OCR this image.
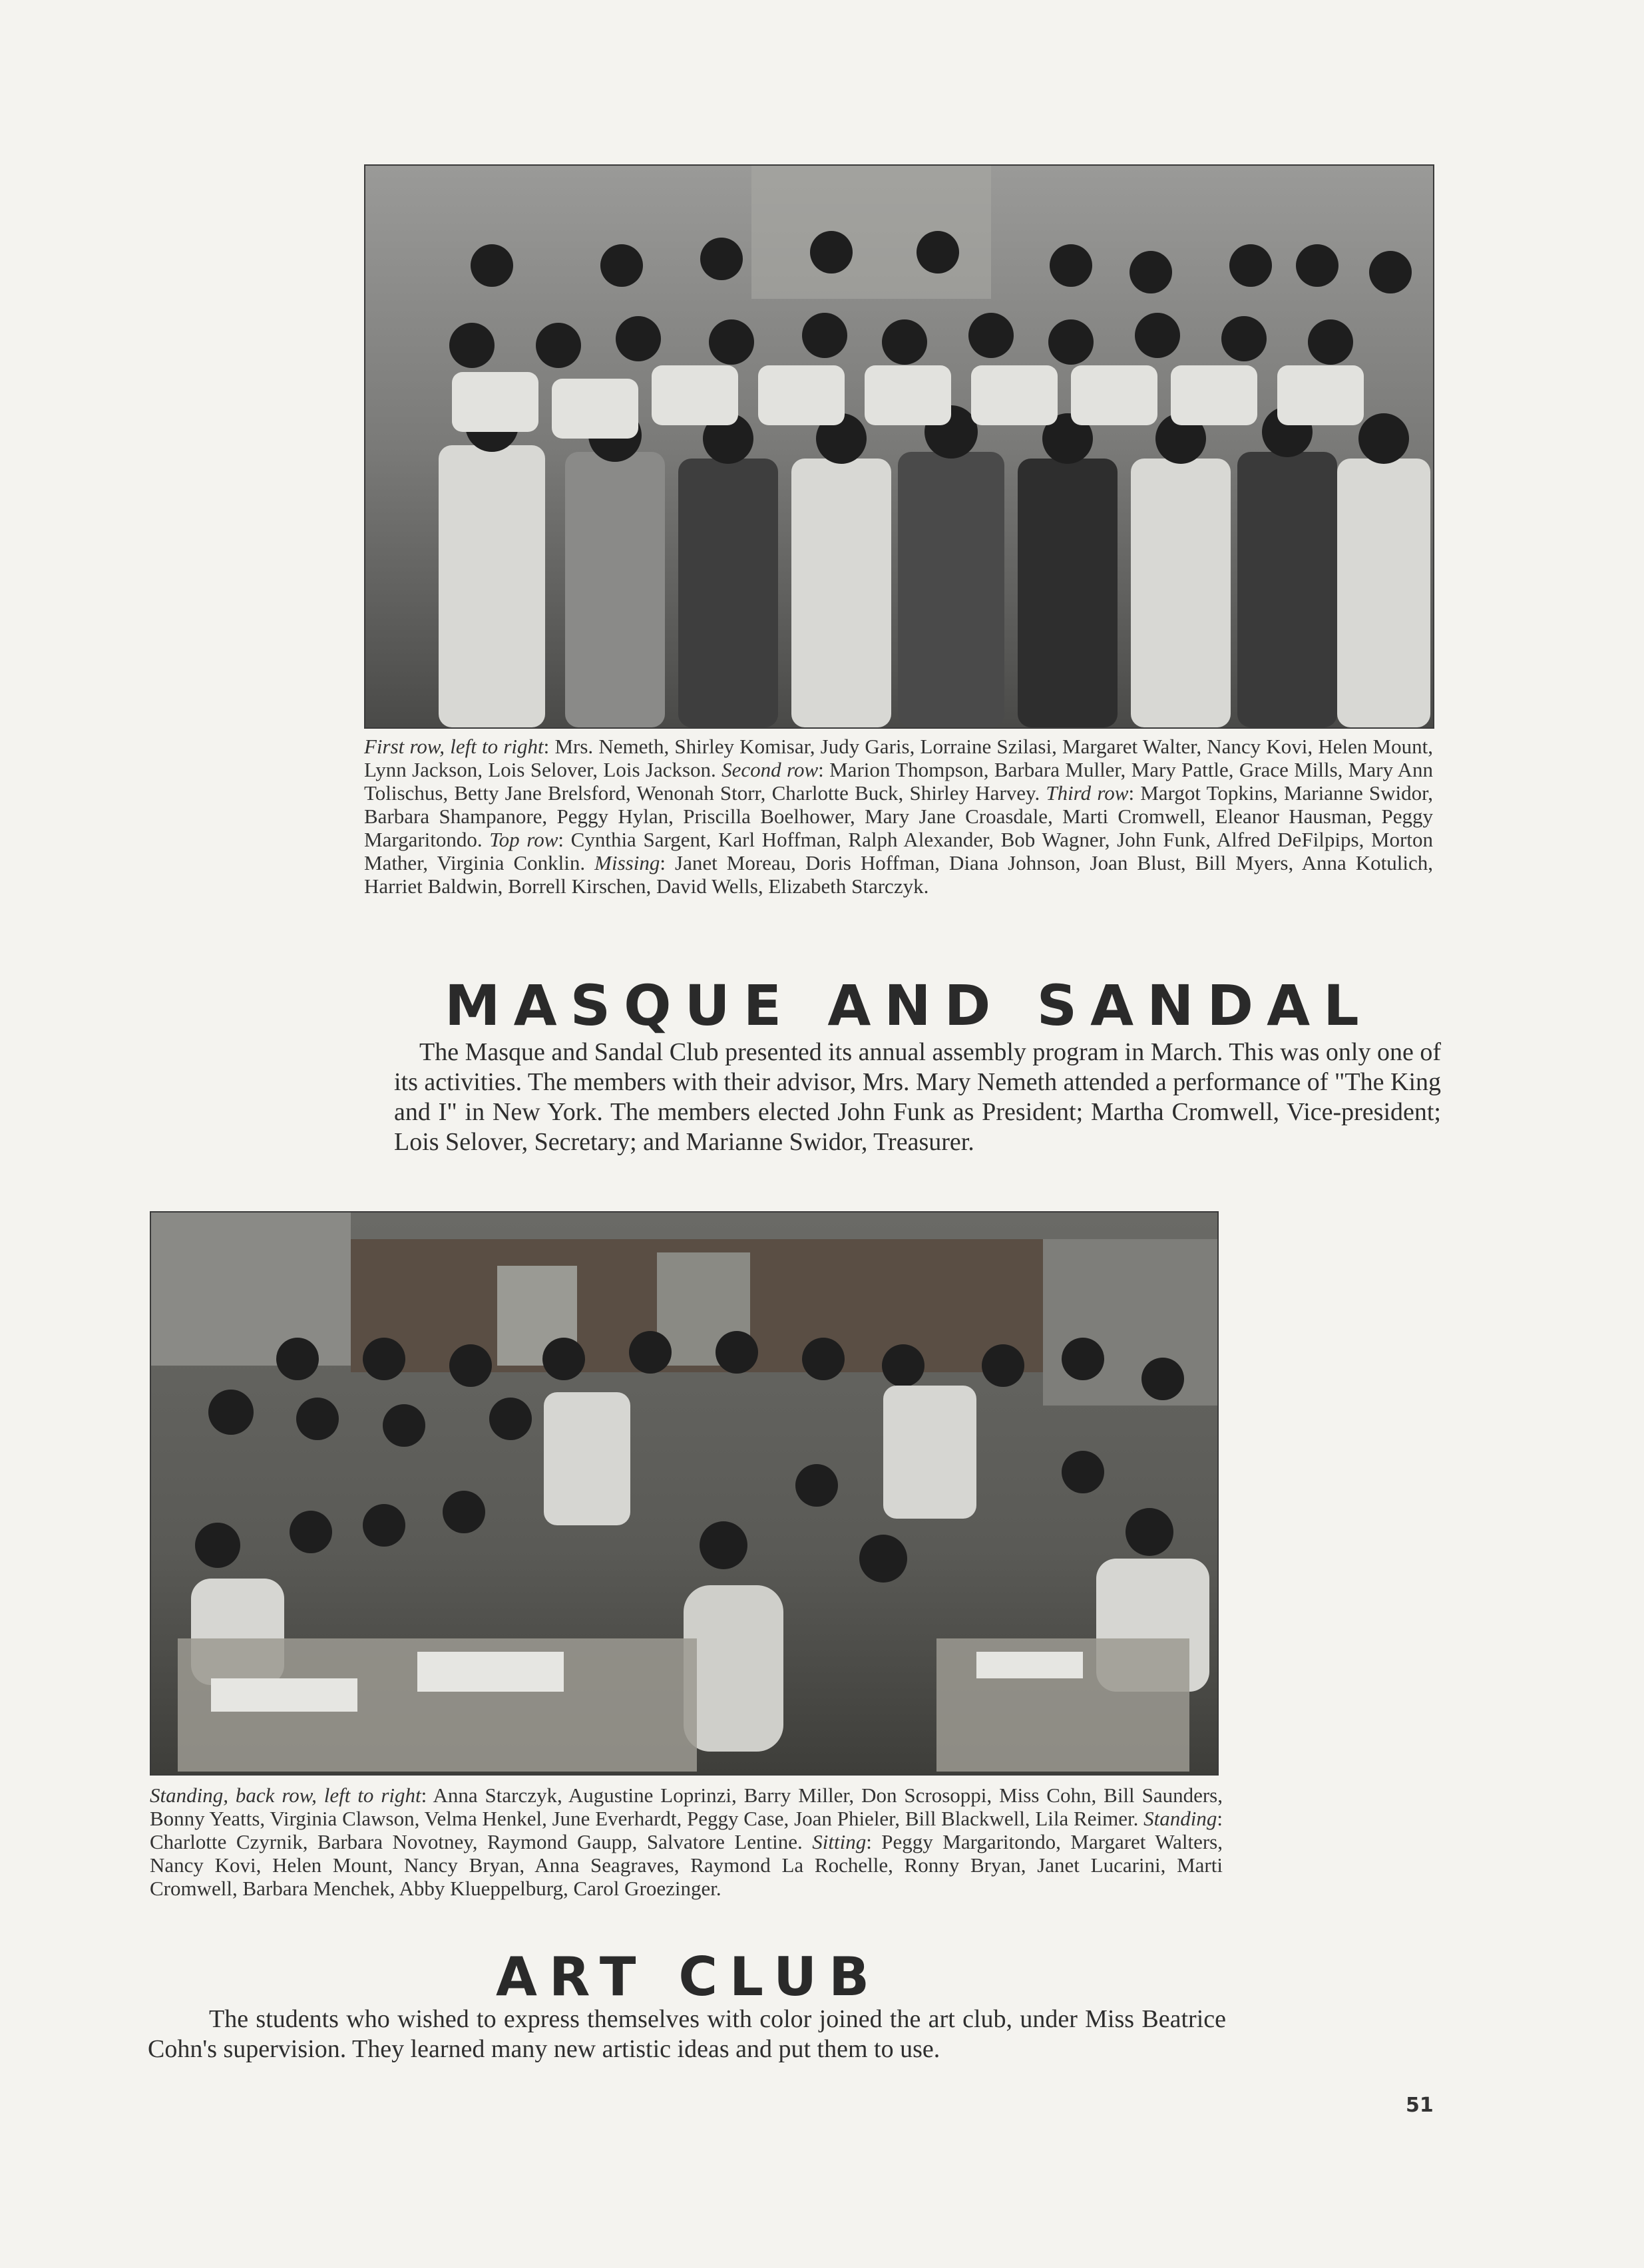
First row, left to right: Mrs. Nemeth, Shirley Komisar, Judy Garis, Lorraine Szilasi, Margaret Walter, Nancy Kovi, Helen Mount, Lynn Jackson, Lois Selover, Lois Jackson. Second row: Marion Thompson, Barbara Muller, Mary Pattle, Grace Mills, Mary Ann Tolischus, Betty Jane Brelsford, Wenonah Storr, Charlotte Buck, Shirley Harvey. Third row: Margot Topkins, Marianne Swidor, Barbara Shampanore, Peggy Hylan, Priscilla Boelhower, Mary Jane Croasdale, Marti Cromwell, Eleanor Hausman, Peggy Margaritondo. Top row: Cynthia Sargent, Karl Hoffman, Ralph Alexander, Bob Wagner, John Funk, Alfred DeFilpips, Morton Mather, Virginia Conklin. Missing: Janet Moreau, Doris Hoffman, Diana Johnson, Joan Blust, Bill Myers, Anna Kotulich, Harriet Baldwin, Borrell Kirschen, David Wells, Elizabeth Starczyk.
MASQUE AND SANDAL
The Masque and Sandal Club presented its annual assembly program in March. This was only one of its activities. The members with their advisor, Mrs. Mary Nemeth attended a performance of "The King and I" in New York. The members elected John Funk as President; Martha Cromwell, Vice-president; Lois Selover, Secretary; and Marianne Swidor, Treasurer.
Standing, back row, left to right: Anna Starczyk, Augustine Loprinzi, Barry Miller, Don Scrosoppi, Miss Cohn, Bill Saunders, Bonny Yeatts, Virginia Clawson, Velma Henkel, June Everhardt, Peggy Case, Joan Phieler, Bill Blackwell, Lila Reimer. Standing: Charlotte Czyrnik, Barbara Novotney, Raymond Gaupp, Salvatore Lentine. Sitting: Peggy Margaritondo, Margaret Walters, Nancy Kovi, Helen Mount, Nancy Bryan, Anna Seagraves, Raymond La Rochelle, Ronny Bryan, Janet Lucarini, Marti Cromwell, Barbara Menchek, Abby Klueppelburg, Carol Groezinger.
ART CLUB
The students who wished to express themselves with color joined the art club, under Miss Beatrice Cohn's supervision. They learned many new artistic ideas and put them to use.
51
